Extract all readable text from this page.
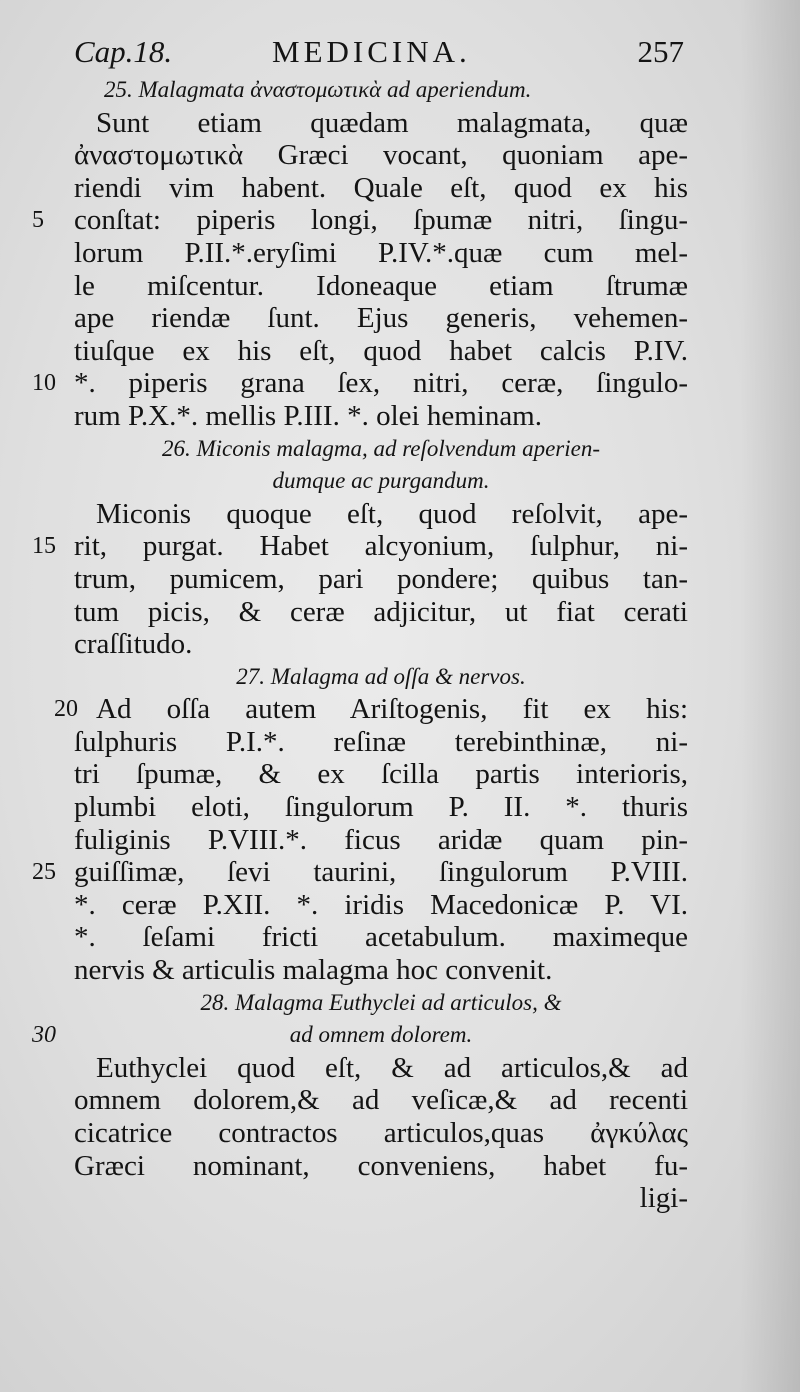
Cap.18.	MEDICINA.	257
25. Malagmata ἀναστομωτικὰ ad aperiendum.
Sunt etiam quædam malagmata, quæ
ἀναστομωτικὰ Græci vocant, quoniam ape-
riendi vim habent. Quale eſt, quod ex his
5	conſtat: piperis longi, ſpumæ nitri, ſingu-
lorum P.II.*.eryſimi P.IV.*.quæ cum mel-
le miſcentur. Idoneaque etiam ſtrumæ
ape riendæ ſunt. Ejus generis, vehemen-
tiuſque ex his eſt, quod habet calcis P.IV.
10 *. piperis grana ſex, nitri, ceræ, ſingulo-
rum P.X.*. mellis P.III. *. olei heminam.
26. Miconis malagma, ad reſolvendum aperien-
dumque ac purgandum.
Miconis quoque eſt, quod reſolvit, ape-
15 rit, purgat. Habet alcyonium, ſulphur, ni-
trum, pumicem, pari pondere; quibus tan-
tum picis, & ceræ adjicitur, ut fiat cerati
craſſitudo.
27. Malagma ad oſſa & nervos.
20 Ad oſſa autem Ariſtogenis, fit ex his:
ſulphuris P.I.*. reſinæ terebinthinæ, ni-
tri ſpumæ, & ex ſcilla partis interioris,
plumbi eloti, ſingulorum P. II. *. thuris
fuliginis P.VIII.*. ficus aridæ quam pin-
25 guiſſimæ, ſevi taurini, ſingulorum P.VIII.
*. ceræ P.XII. *. iridis Macedonicæ P. VI.
*. ſeſami fricti acetabulum. maximeque
nervis & articulis malagma hoc convenit.
28. Malagma Euthyclei ad articulos, &
30	ad omnem dolorem.
Euthyclei quod eſt, & ad articulos,& ad
omnem dolorem,& ad veſicæ,& ad recenti
cicatrice contractos articulos,quas ἀγκύλας
Græci nominant, conveniens, habet fu-
ligi-
